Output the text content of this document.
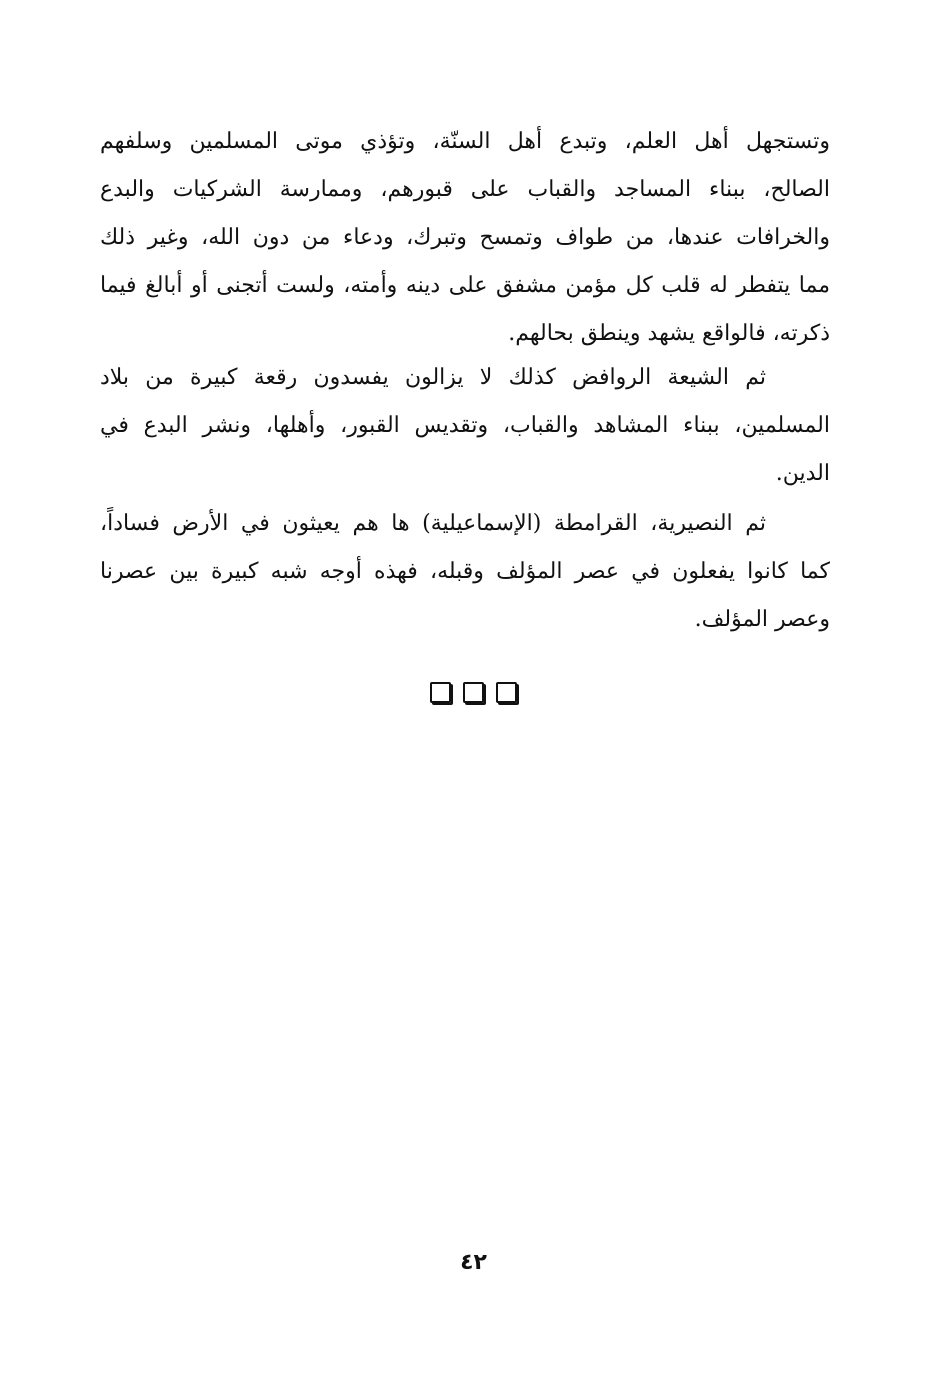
وتستجهل أهل العلم، وتبدع أهل السنّة، وتؤذي موتى المسلمين وسلفهم
الصالح، ببناء المساجد والقباب على قبورهم، وممارسة الشركيات والبدع
والخرافات عندها، من طواف وتمسح وتبرك، ودعاء من دون الله، وغير ذلك
مما يتفطر له قلب كل مؤمن مشفق على دينه وأمته، ولست أتجنى أو أبالغ فيما
ذكرته، فالواقع يشهد وينطق بحالهم.
ثم الشيعة الروافض كذلك لا يزالون يفسدون رقعة كبيرة من بلاد
المسلمين، ببناء المشاهد والقباب، وتقديس القبور، وأهلها، ونشر البدع في
الدين.
ثم النصيرية، القرامطة (الإسماعيلية) ها هم يعيثون في الأرض فساداً،
كما كانوا يفعلون في عصر المؤلف وقبله، فهذه أوجه شبه كبيرة بين عصرنا
وعصر المؤلف.

٤٢
